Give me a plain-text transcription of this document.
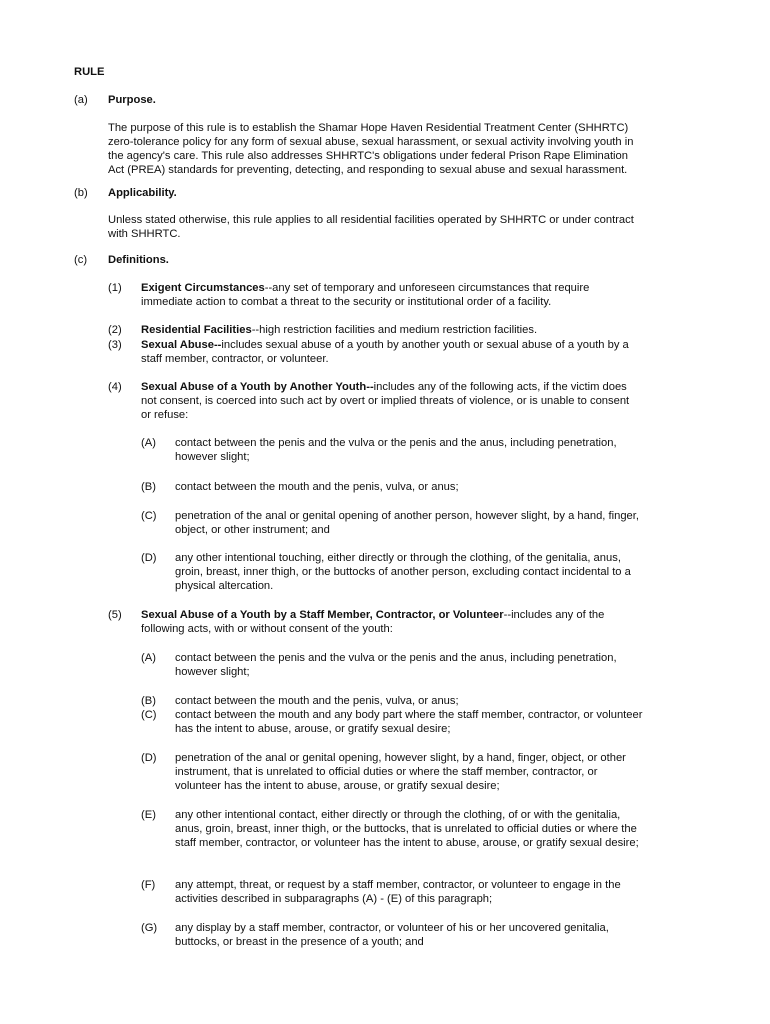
RULE
(a) Purpose.
The purpose of this rule is to establish the Shamar Hope Haven Residential Treatment Center (SHHRTC)
zero-tolerance policy for any form of sexual abuse, sexual harassment, or sexual activity involving youth in
the agency's care. This rule also addresses SHHRTC's obligations under federal Prison Rape Elimination
Act (PREA) standards for preventing, detecting, and responding to sexual abuse and sexual harassment.
(b) Applicability.
Unless stated otherwise, this rule applies to all residential facilities operated by SHHRTC or under contract
with SHHRTC.
(c) Definitions.
(1) Exigent Circumstances--any set of temporary and unforeseen circumstances that require
immediate action to combat a threat to the security or institutional order of a facility.
(2) Residential Facilities--high restriction facilities and medium restriction facilities.
(3) Sexual Abuse--includes sexual abuse of a youth by another youth or sexual abuse of a youth by a
staff member, contractor, or volunteer.
(4) Sexual Abuse of a Youth by Another Youth--includes any of the following acts, if the victim does
not consent, is coerced into such act by overt or implied threats of violence, or is unable to consent
or refuse:
(A) contact between the penis and the vulva or the penis and the anus, including penetration,
however slight;
(B) contact between the mouth and the penis, vulva, or anus;
(C) penetration of the anal or genital opening of another person, however slight, by a hand, finger,
object, or other instrument; and
(D) any other intentional touching, either directly or through the clothing, of the genitalia, anus,
groin, breast, inner thigh, or the buttocks of another person, excluding contact incidental to a
physical altercation.
(5) Sexual Abuse of a Youth by a Staff Member, Contractor, or Volunteer--includes any of the
following acts, with or without consent of the youth:
(A) contact between the penis and the vulva or the penis and the anus, including penetration,
however slight;
(B) contact between the mouth and the penis, vulva, or anus;
(C) contact between the mouth and any body part where the staff member, contractor, or volunteer
has the intent to abuse, arouse, or gratify sexual desire;
(D) penetration of the anal or genital opening, however slight, by a hand, finger, object, or other
instrument, that is unrelated to official duties or where the staff member, contractor, or
volunteer has the intent to abuse, arouse, or gratify sexual desire;
(E) any other intentional contact, either directly or through the clothing, of or with the genitalia,
anus, groin, breast, inner thigh, or the buttocks, that is unrelated to official duties or where the
staff member, contractor, or volunteer has the intent to abuse, arouse, or gratify sexual desire;
(F) any attempt, threat, or request by a staff member, contractor, or volunteer to engage in the
activities described in subparagraphs (A) - (E) of this paragraph;
(G) any display by a staff member, contractor, or volunteer of his or her uncovered genitalia,
buttocks, or breast in the presence of a youth; and
